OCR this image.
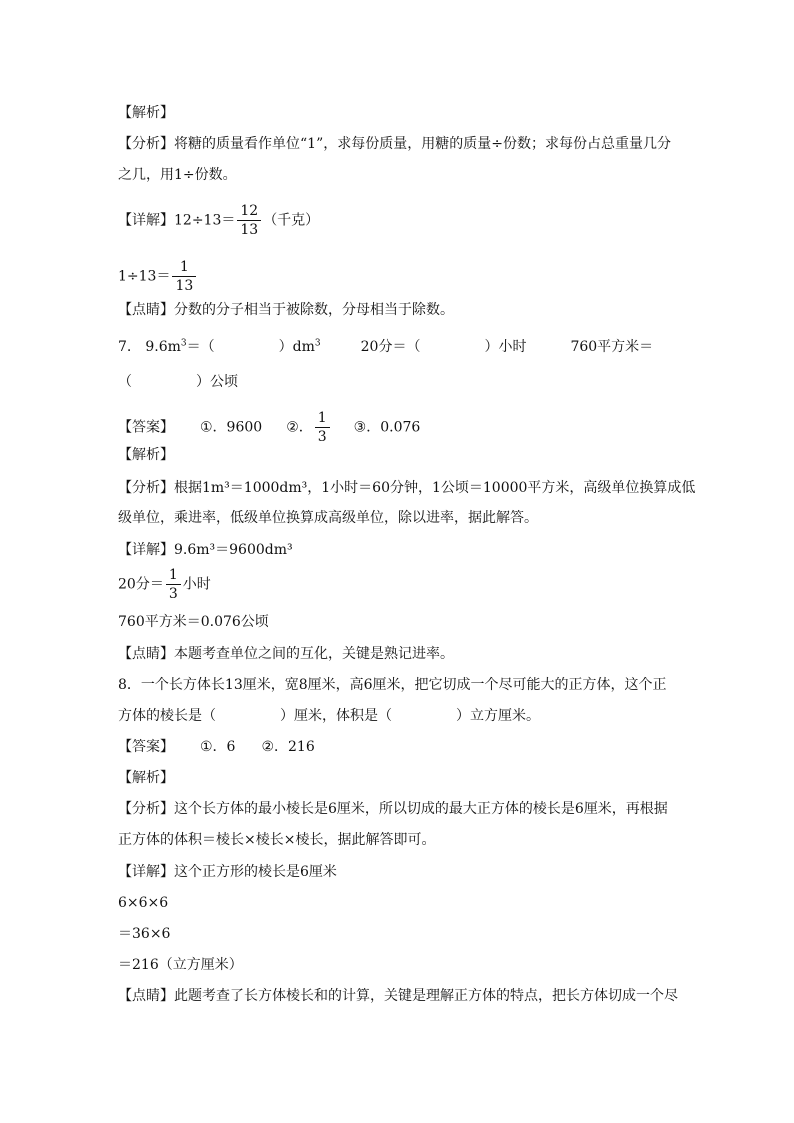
【解析】
【分析】将糖的质量看作单位“1”，求每份质量，用糖的质量÷份数；求每份占总重量几分
之几，用1÷份数。
【详解】$12\div 13= \frac{12}{13}$ （千克）
$1\div 13= \frac{1}{13}$
【点睛】分数的分子相当于被除数，分母相当于除数。
7. $9.6m^3=$（	）$dm^3$	20分＝（	）小时	760平方米＝
（	）公顷
【答案】 ①．9600 ②． $\frac{1}{3}$ ③．0.076
【解析】
【分析】根据1m³＝1000dm³，1小时＝60分钟，1公顷＝10000平方米，高级单位换算成低
级单位，乘进率，低级单位换算成高级单位，除以进率，据此解答。
【详解】9.6m³＝9600dm³
20分＝ $\frac{1}{3}$ 小时
760平方米＝0.076公顷
【点睛】本题考查单位之间的互化，关键是熟记进率。
8．一个长方体长13厘米，宽8厘米，高6厘米，把它切成一个尽可能大的正方体，这个正
方体的棱长是（	）厘米，体积是（	）立方厘米。
【答案】 ①．6 ②．216
【解析】
【分析】这个长方体的最小棱长是6厘米，所以切成的最大正方体的棱长是6厘米，再根据
正方体的体积＝棱长×棱长×棱长，据此解答即可。
【详解】这个正方形的棱长是6厘米
6×6×6
＝36×6
＝216（立方厘米）
【点睛】此题考查了长方体棱长和的计算，关键是理解正方体的特点，把长方体切成一个尽
